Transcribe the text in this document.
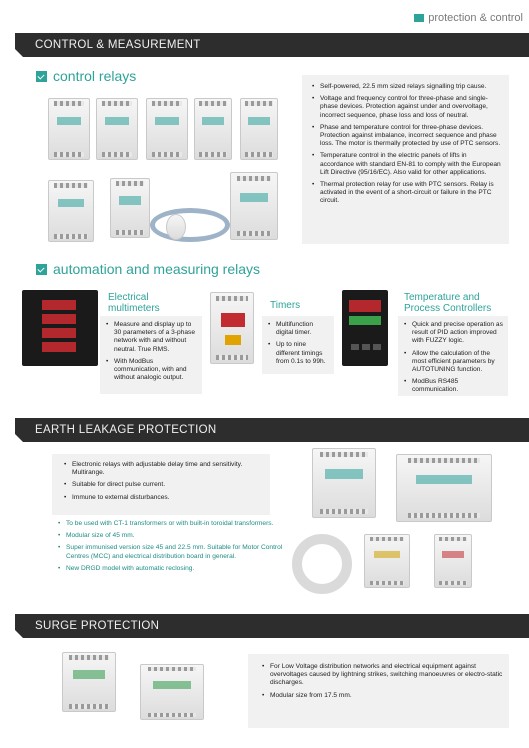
protection & control
CONTROL & MEASUREMENT
control relays
• Self-powered, 22.5 mm sized relays signalling trip cause.
• Voltage and frequency control for three-phase and single-phase devices. Protection against under and overvoltage, incorrect sequence, phase loss and loss of neutral.
• Phase and temperature control for three-phase devices. Protection against imbalance, incorrect sequence and phase loss. The motor is thermally protected by use of PTC sensors.
• Temperature control in the electric panels of lifts in accordance with standard EN-81 to comply with the European Lift Directive (95/16/EC). Also valid for other applications.
• Thermal protection relay for use with PTC sensors. Relay is activated in the event of a short-circuit or failure in the PTC circuit.
automation and measuring relays
Electrical
multimeters
• Measure and display up to 30 parameters of a 3-phase network with and without neutral. True RMS.
• With ModBus communication, with and without analogic output.
Timers
• Multifunction digital timer.
• Up to nine different timings from 0.1s to 99h.
Temperature and
Process Controllers
• Quick and precise operation as result of PID action improved with FUZZY logic.
• Allow the calculation of the most efficient parameters by AUTOTUNING function.
• ModBus RS485 communication.
EARTH LEAKAGE PROTECTION
• Electronic relays with adjustable delay time and sensitivity. Multirange.
• Suitable for direct pulse current.
• Immune to external disturbances.
• To be used with CT-1 transformers or with built-in toroidal transformers.
• Modular size of 45 mm.
• Super immunised version size 45 and 22.5 mm. Suitable for Motor Control Centres (MCC) and electrical distribution board in general.
• New DRGD model with automatic reclosing.
SURGE PROTECTION
• For Low Voltage distribution networks and electrical equipment against overvoltages caused by lightning strikes, switching manoeuvres or electro-static discharges.
• Modular size from 17.5 mm.
